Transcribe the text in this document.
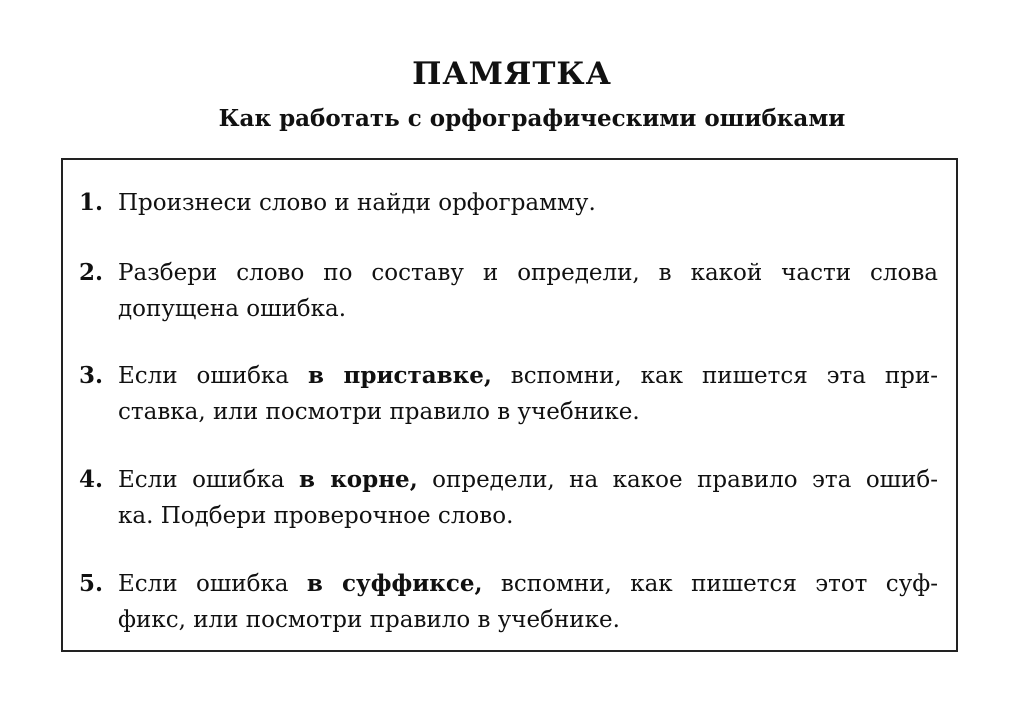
ПАМЯТКА
Как работать с орфографическими ошибками
1. Произнеси слово и найди орфограмму.
2. Разбери слово по составу и определи, в какой части слова
допущена ошибка.
3. Если ошибка в приставке, вспомни, как пишется эта при-
ставка, или посмотри правило в учебнике.
4. Если ошибка в корне, определи, на какое правило эта ошиб-
ка. Подбери проверочное слово.
5. Если ошибка в суффиксе, вспомни, как пишется этот суф-
фикс, или посмотри правило в учебнике.
